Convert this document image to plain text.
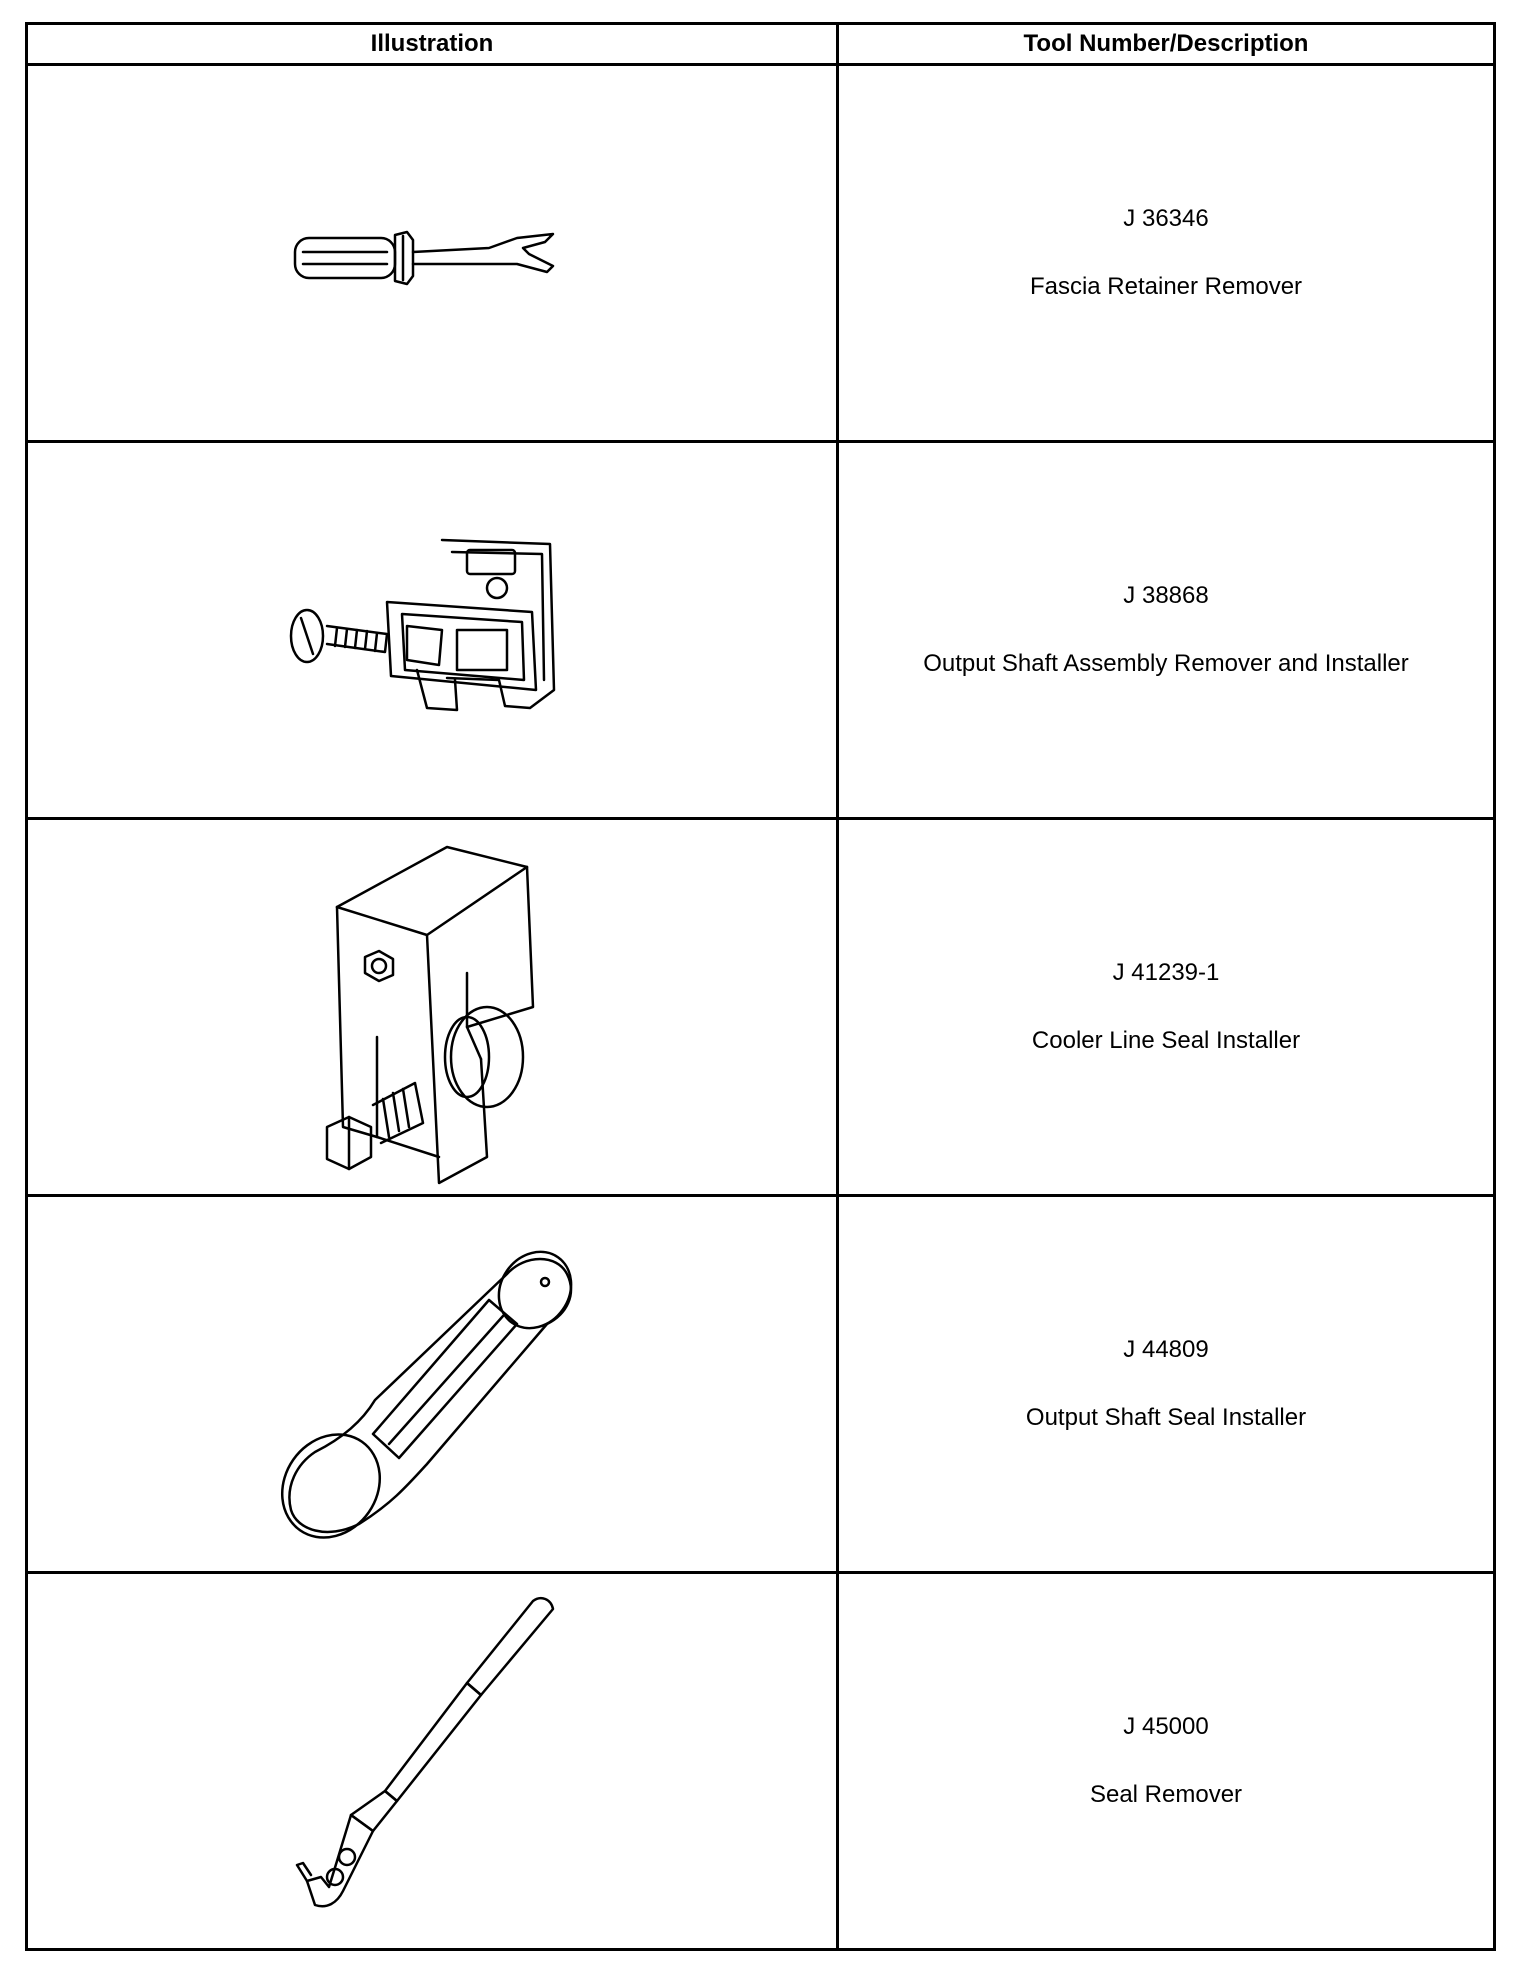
Illustration	Tool Number/Description

J 36346
Fascia Retainer Remover

J 38868
Output Shaft Assembly Remover and Installer

J 41239-1
Cooler Line Seal Installer

J 44809
Output Shaft Seal Installer

J 45000
Seal Remover
